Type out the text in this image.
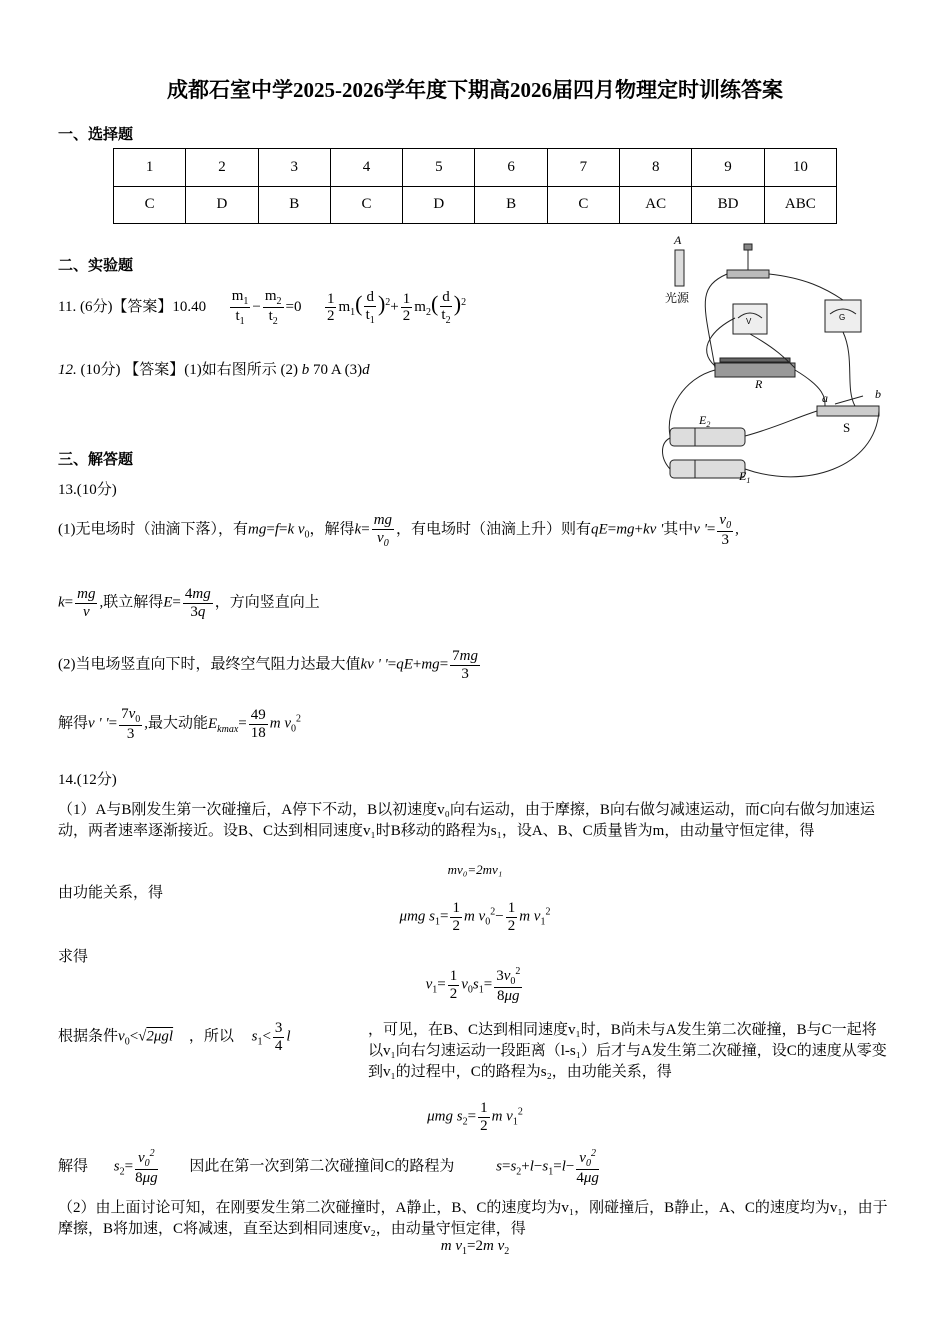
成都石室中学2025-2026学年度下期高2026届四月物理定时训练答案
一、选择题
1	2	3	4	5	6	7	8	9	10
C	D	B	C	D	B	C	AC	BD	ABC
二、实验题
11. (6分)【答案】$10.40 \frac{m_1}{t_1} - \frac{m_2}{t_2} =0 \frac{1}{2} m_1( \frac{d}{t_1} )^2+ \frac{1}{2} m_2( \frac{d}{t_2} )^2$
12. (10分) 【答案】(1)如右图所示 (2) b 70 A (3)d
A
光源
V	G
R
a	b
S
$E_2$
$E_1$
三、解答题
13.(10分)
(1)无电场时（油滴下落），有mg=f=k $v_0$，解得$k= \frac{mg}{v_0}$ ，有电场时（油滴上升）则有qE=mg+kv '其中v '= $\frac{v_0}{3}$ ,
$k= \frac{mg}{v}$ ,联立解得$E= \frac{4mg}{3q}$ ，方向竖直向上
(2)当电场竖直向下时，最终空气阻力达最大值kv ' '$=qE+mg= \frac{7mg}{3}$
解得v ' '= $\frac{7v_0}{3}$ ,最大动能$E_{kmax}= \frac{49}{18}$ m $v_0^2$
14.(12分)
（1）A与B刚发生第一次碰撞后，A停下不动，B以初速度v₀向右运动，由于摩擦，B向右做匀减速运动，而C向右做匀加速运动，两者速率逐渐接近。设B、C达到相同速度v₁时B移动的路程为s₁，设A、B、C质量皆为m，由动量守恒定律，得
mv₀=2mv₁
由功能关系，得
μmg $s_1= \frac{1}{2}$ m $v_0^2- \frac{1}{2}$ m $v_1^2$
求得
$v_1= \frac{1}{2} v_0s_1= \frac{3v_0^2}{8\mu g}$
根据条件$v_0<√2\mu gl$ ，所以 $s_1< \frac{3}{4}$ l	，可见，在B、C达到相同速度v₁时，B尚未与A发生第二次碰撞，B与C一起将以v₁向右匀速运动一段距离（l-s₁）后才与A发生第二次碰撞，设C的速度从零变到v₁的过程中，C的路程为s₂，由功能关系，得
μmg $s_2= \frac{1}{2}$ m $v_1^2$
解得 $s_2= \frac{v_0^2}{8\mu g}$ 因此在第一次到第二次碰撞间C的路程为	$s=s_2+l-s_1=l- \frac{v_0^2}{4\mu g}$
（2）由上面讨论可知，在刚要发生第二次碰撞时，A静止，B、C的速度均为v₁，刚碰撞后，B静止，A、C的速度均为v₁，由于摩擦，B将加速，C将减速，直至达到相同速度v₂，由动量守恒定律，得
m $v_1=2m$ $v_2$
